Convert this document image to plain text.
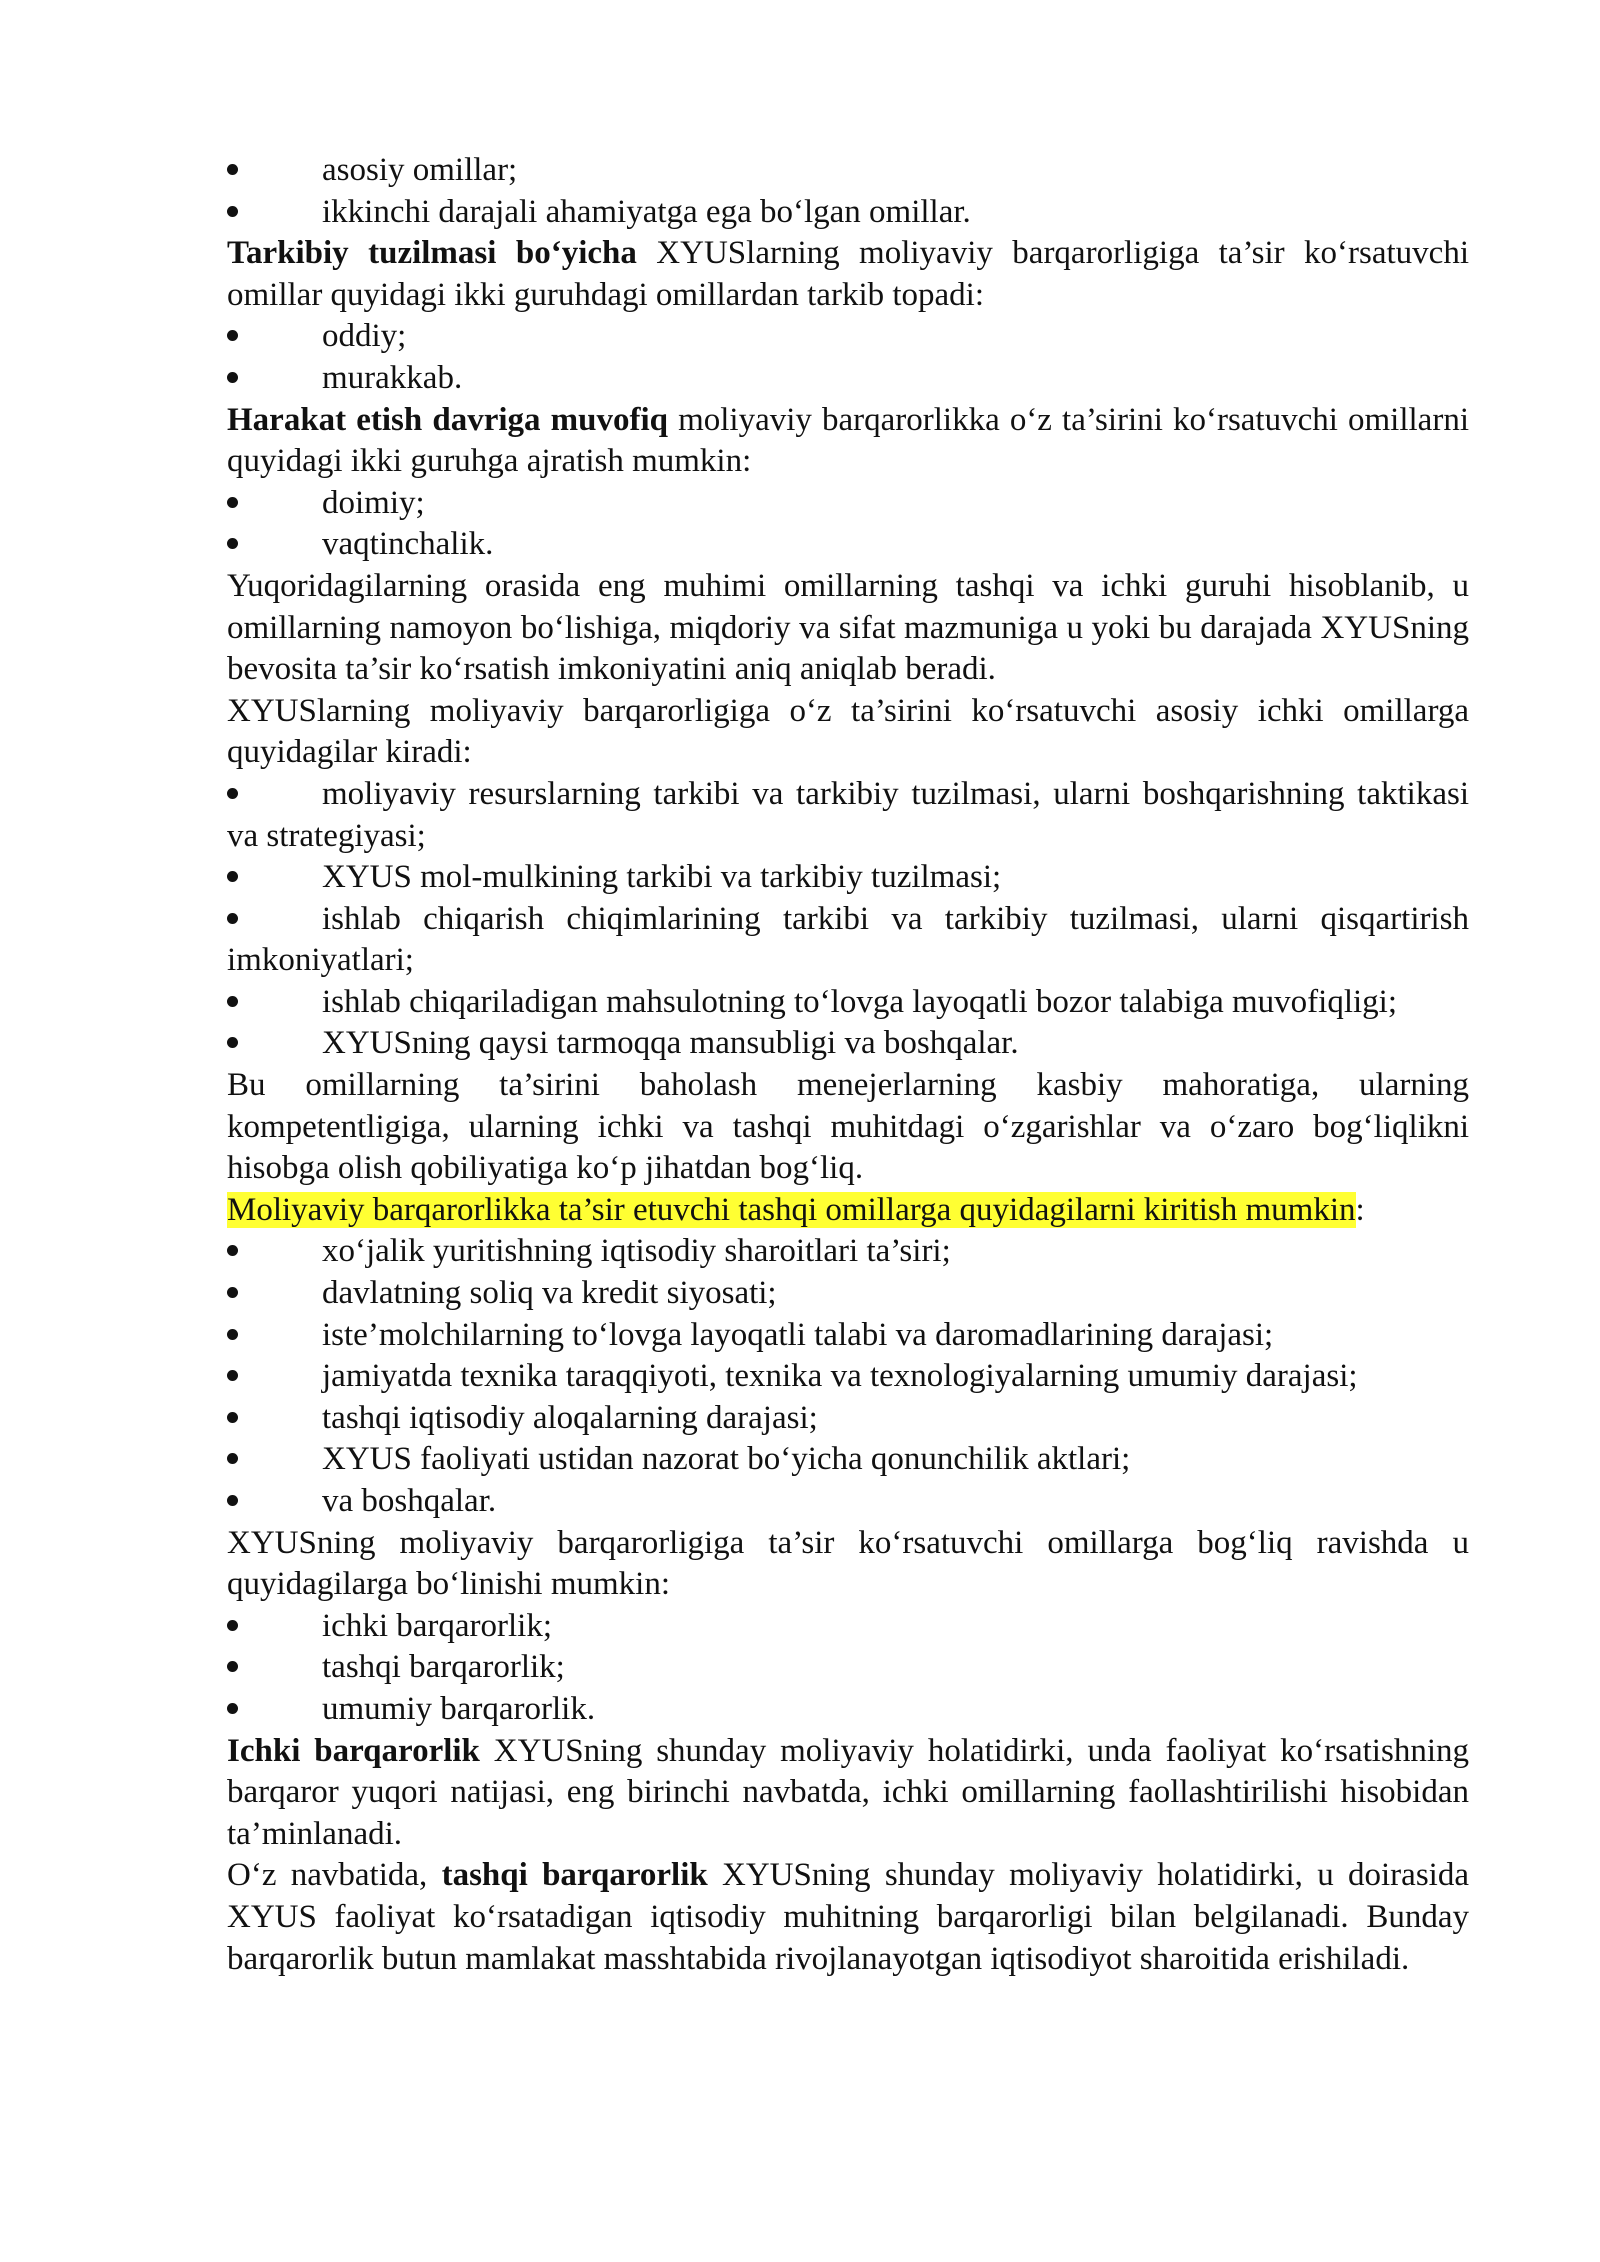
asosiy omillar;
ikkinchi darajali ahamiyatga ega bo‘lgan omillar.

Tarkibiy tuzilmasi bo‘yicha XYUSlarning moliyaviy barqarorligiga ta’sir ko‘rsatuvchi omillar quyidagi ikki guruhdagi omillardan tarkib topadi:

oddiy;
murakkab.

Harakat etish davriga muvofiq moliyaviy barqarorlikka o‘z ta’sirini ko‘rsatuvchi omillarni quyidagi ikki guruhga ajratish mumkin:

doimiy;
vaqtinchalik.

Yuqoridagilarning orasida eng muhimi omillarning tashqi va ichki guruhi hisoblanib, u omillarning namoyon bo‘lishiga, miqdoriy va sifat mazmuniga u yoki bu darajada XYUSning bevosita ta’sir ko‘rsatish imkoniyatini aniq aniqlab beradi.

XYUSlarning moliyaviy barqarorligiga o‘z ta’sirini ko‘rsatuvchi asosiy ichki omillarga quyidagilar kiradi:

moliyaviy resurslarning tarkibi va tarkibiy tuzilmasi, ularni boshqarishning taktikasi va strategiyasi;
XYUS mol-mulkining tarkibi va tarkibiy tuzilmasi;
ishlab chiqarish chiqimlarining tarkibi va tarkibiy tuzilmasi, ularni qisqartirish imkoniyatlari;
ishlab chiqariladigan mahsulotning to‘lovga layoqatli bozor talabiga muvofiqligi;
XYUSning qaysi tarmoqqa mansubligi va boshqalar.

Bu omillarning ta’sirini baholash menejerlarning kasbiy mahoratiga, ularning kompetentligiga, ularning ichki va tashqi muhitdagi o‘zgarishlar va o‘zaro bog‘liqlikni hisobga olish qobiliyatiga ko‘p jihatdan bog‘liq.

Moliyaviy barqarorlikka ta’sir etuvchi tashqi omillarga quyidagilarni kiritish mumkin:

xo‘jalik yuritishning iqtisodiy sharoitlari ta’siri;
davlatning soliq va kredit siyosati;
iste’molchilarning to‘lovga layoqatli talabi va daromadlarining darajasi;
jamiyatda texnika taraqqiyoti, texnika va texnologiyalarning umumiy darajasi;
tashqi iqtisodiy aloqalarning darajasi;
XYUS faoliyati ustidan nazorat bo‘yicha qonunchilik aktlari;
va boshqalar.

XYUSning moliyaviy barqarorligiga ta’sir ko‘rsatuvchi omillarga bog‘liq ravishda u quyidagilarga bo‘linishi mumkin:

ichki barqarorlik;
tashqi barqarorlik;
umumiy barqarorlik.

Ichki barqarorlik XYUSning shunday moliyaviy holatidirki, unda faoliyat ko‘rsatishning barqaror yuqori natijasi, eng birinchi navbatda, ichki omillarning faollashtirilishi hisobidan ta’minlanadi.

O‘z navbatida, tashqi barqarorlik XYUSning shunday moliyaviy holatidirki, u doirasida XYUS faoliyat ko‘rsatadigan iqtisodiy muhitning barqarorligi bilan belgilanadi. Bunday barqarorlik butun mamlakat masshtabida rivojlanayotgan iqtisodiyot sharoitida erishiladi.
